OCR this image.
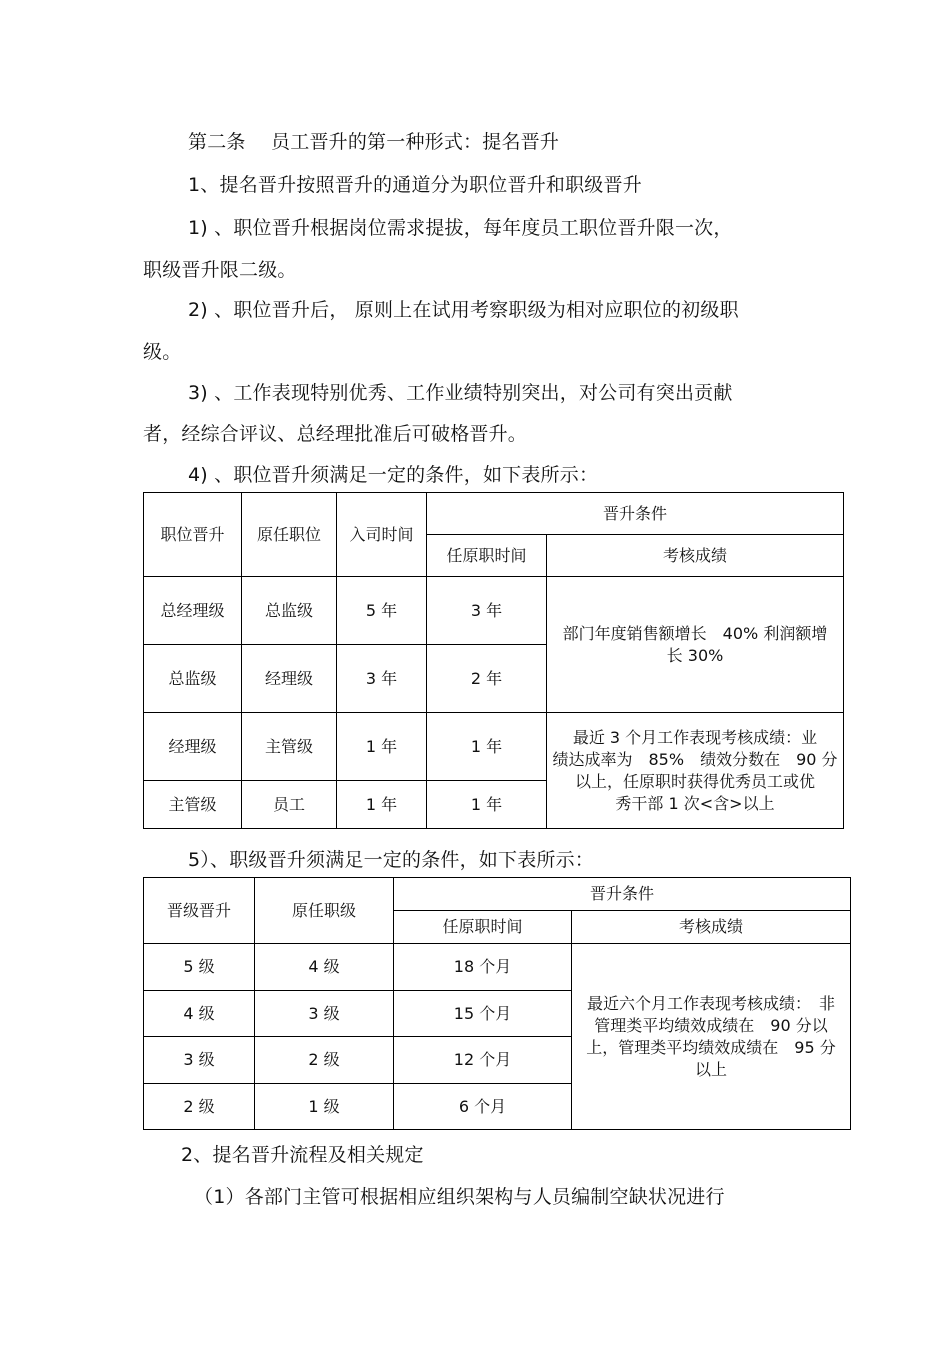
第二条　 员工晋升的第一种形式：提名晋升
1、提名晋升按照晋升的通道分为职位晋升和职级晋升
1) 、职位晋升根据岗位需求提拔，每年度员工职位晋升限一次，
职级晋升限二级。
2) 、职位晋升后， 原则上在试用考察职级为相对应职位的初级职
级。
3) 、工作表现特别优秀、工作业绩特别突出，对公司有突出贡献
者，经综合评议、总经理批准后可破格晋升。
4) 、职位晋升须满足一定的条件，如下表所示：
职位晋升	原任职位	入司时间	晋升条件	
			任原职时间	考核成绩
总经理级	总监级	5 年	3 年	部门年度销售额增长　40% 利润额增
长 30%

总监级	经理级	3 年	2 年	
经理级	主管级	1 年	1 年	最近 3 个月工作表现考核成绩：业
绩达成率为　85%　绩效分数在　90 分
以上，任原职时获得优秀员工或优
秀干部 1 次<含>以上

主管级	员工	1 年	1 年	
5）、职级晋升须满足一定的条件，如下表所示：
晋级晋升	原任职级	晋升条件	
		任原职时间	考核成绩
5 级	4 级	18 个月	最近六个月工作表现考核成绩：　非
管理类平均绩效成绩在　90 分以
上，管理类平均绩效成绩在　95 分
以上

4 级	3 级	15 个月	
3 级	2 级	12 个月	
2 级	1 级	6 个月	
2、提名晋升流程及相关规定
（1）各部门主管可根据相应组织架构与人员编制空缺状况进行
